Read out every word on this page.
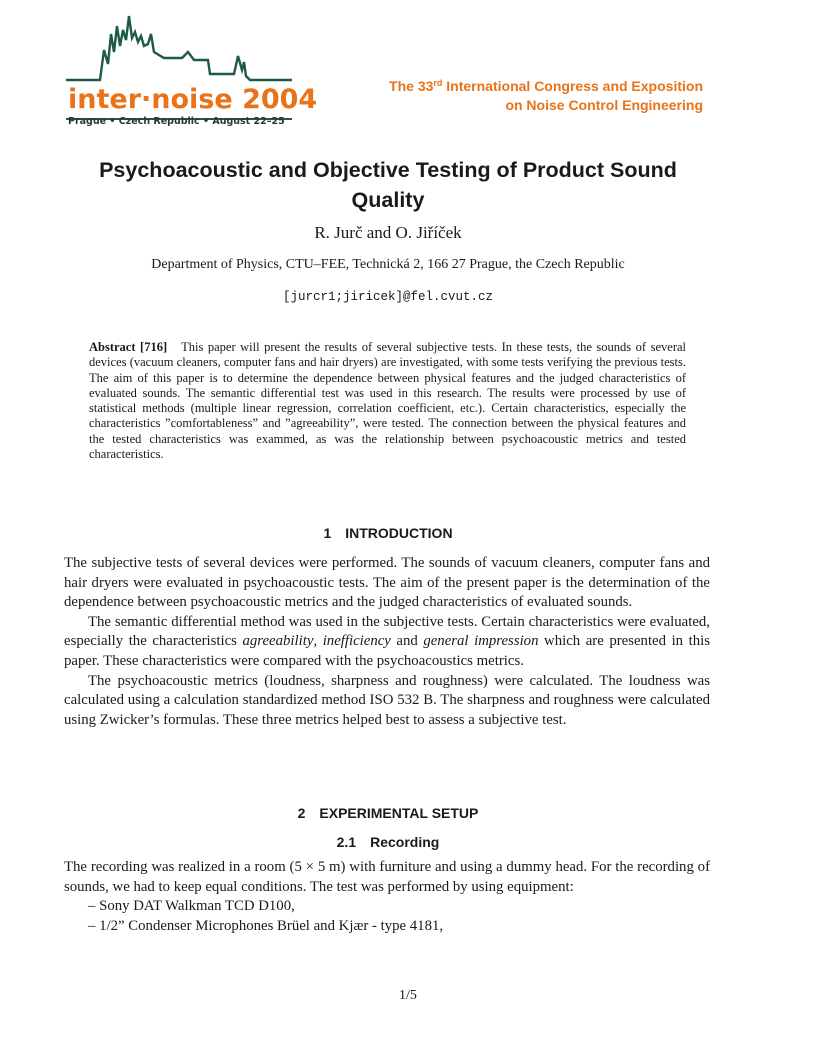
inter·noise 2004
Prague • Czech Republic • August 22–25
The 33rd International Congress and Exposition
on Noise Control Engineering
Psychoacoustic and Objective Testing of Product Sound Quality
R. Jurč and O. Jiříček
Department of Physics, CTU–FEE, Technická 2, 166 27 Prague, the Czech Republic
[jurcr1;jiricek]@fel.cvut.cz
Abstract [716] This paper will present the results of several subjective tests. In these tests, the sounds of several devices (vacuum cleaners, computer fans and hair dryers) are investigated, with some tests verifying the previous tests. The aim of this paper is to determine the dependence between physical features and the judged characteristics of evaluated sounds. The semantic differential test was used in this research. The results were processed by use of statistical methods (multiple linear regression, correlation coefficient, etc.). Certain characteristics, especially the characteristics ”comfortableness” and ”agreeability”, were tested. The connection between the physical features and the tested characteristics was exammed, as was the relationship between psychoacoustic metrics and tested characteristics.
1 INTRODUCTION

The subjective tests of several devices were performed. The sounds of vacuum cleaners, computer fans and hair dryers were evaluated in psychoacoustic tests. The aim of the present paper is the determination of the dependence between psychoacoustic metrics and the judged characteristics of evaluated sounds.

The semantic differential method was used in the subjective tests. Certain characteristics were evaluated, especially the characteristics agreeability, inefficiency and general impression which are presented in this paper. These characteristics were compared with the psychoacoustics metrics.

The psychoacoustic metrics (loudness, sharpness and roughness) were calculated. The loudness was calculated using a calculation standardized method ISO 532 B. The sharpness and roughness were calculated using Zwicker’s formulas. These three metrics helped best to assess a subjective test.

2 EXPERIMENTAL SETUP
2.1 Recording

The recording was realized in a room (5 × 5 m) with furniture and using a dummy head. For the recording of sounds, we had to keep equal conditions. The test was performed by using equipment:

– Sony DAT Walkman TCD D100,

– 1/2” Condenser Microphones Brüel and Kjær - type 4181,

1/5
